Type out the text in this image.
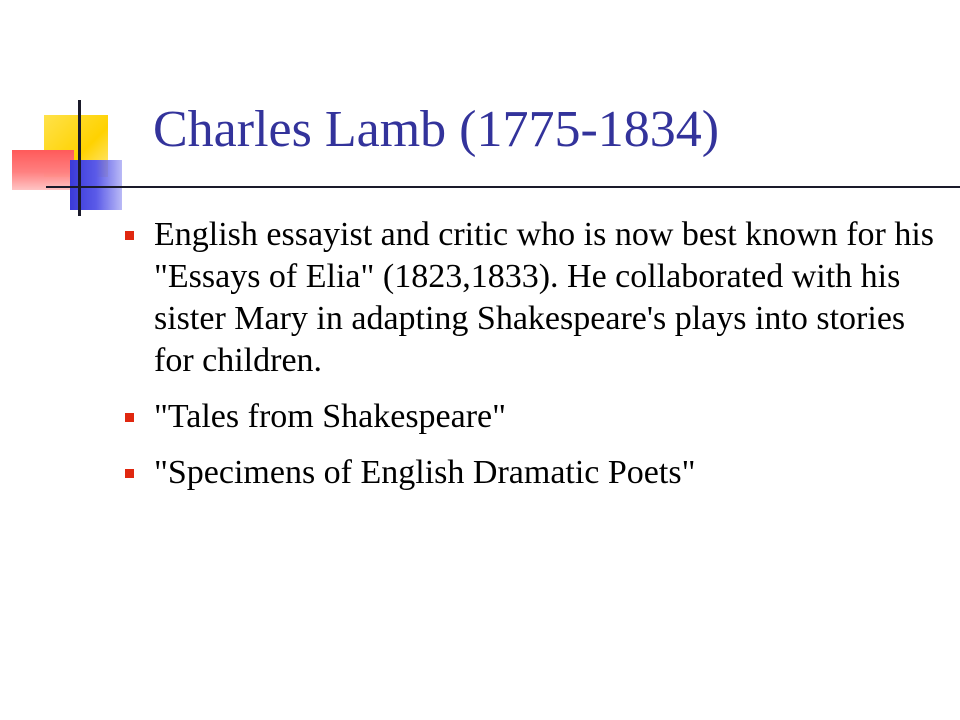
Charles Lamb (1775-1834)
English essayist and critic who is now best known for his "Essays of Elia" (1823,1833). He collaborated with his sister Mary in adapting Shakespeare's plays into stories for children.
"Tales from Shakespeare"
"Specimens of English Dramatic Poets"
